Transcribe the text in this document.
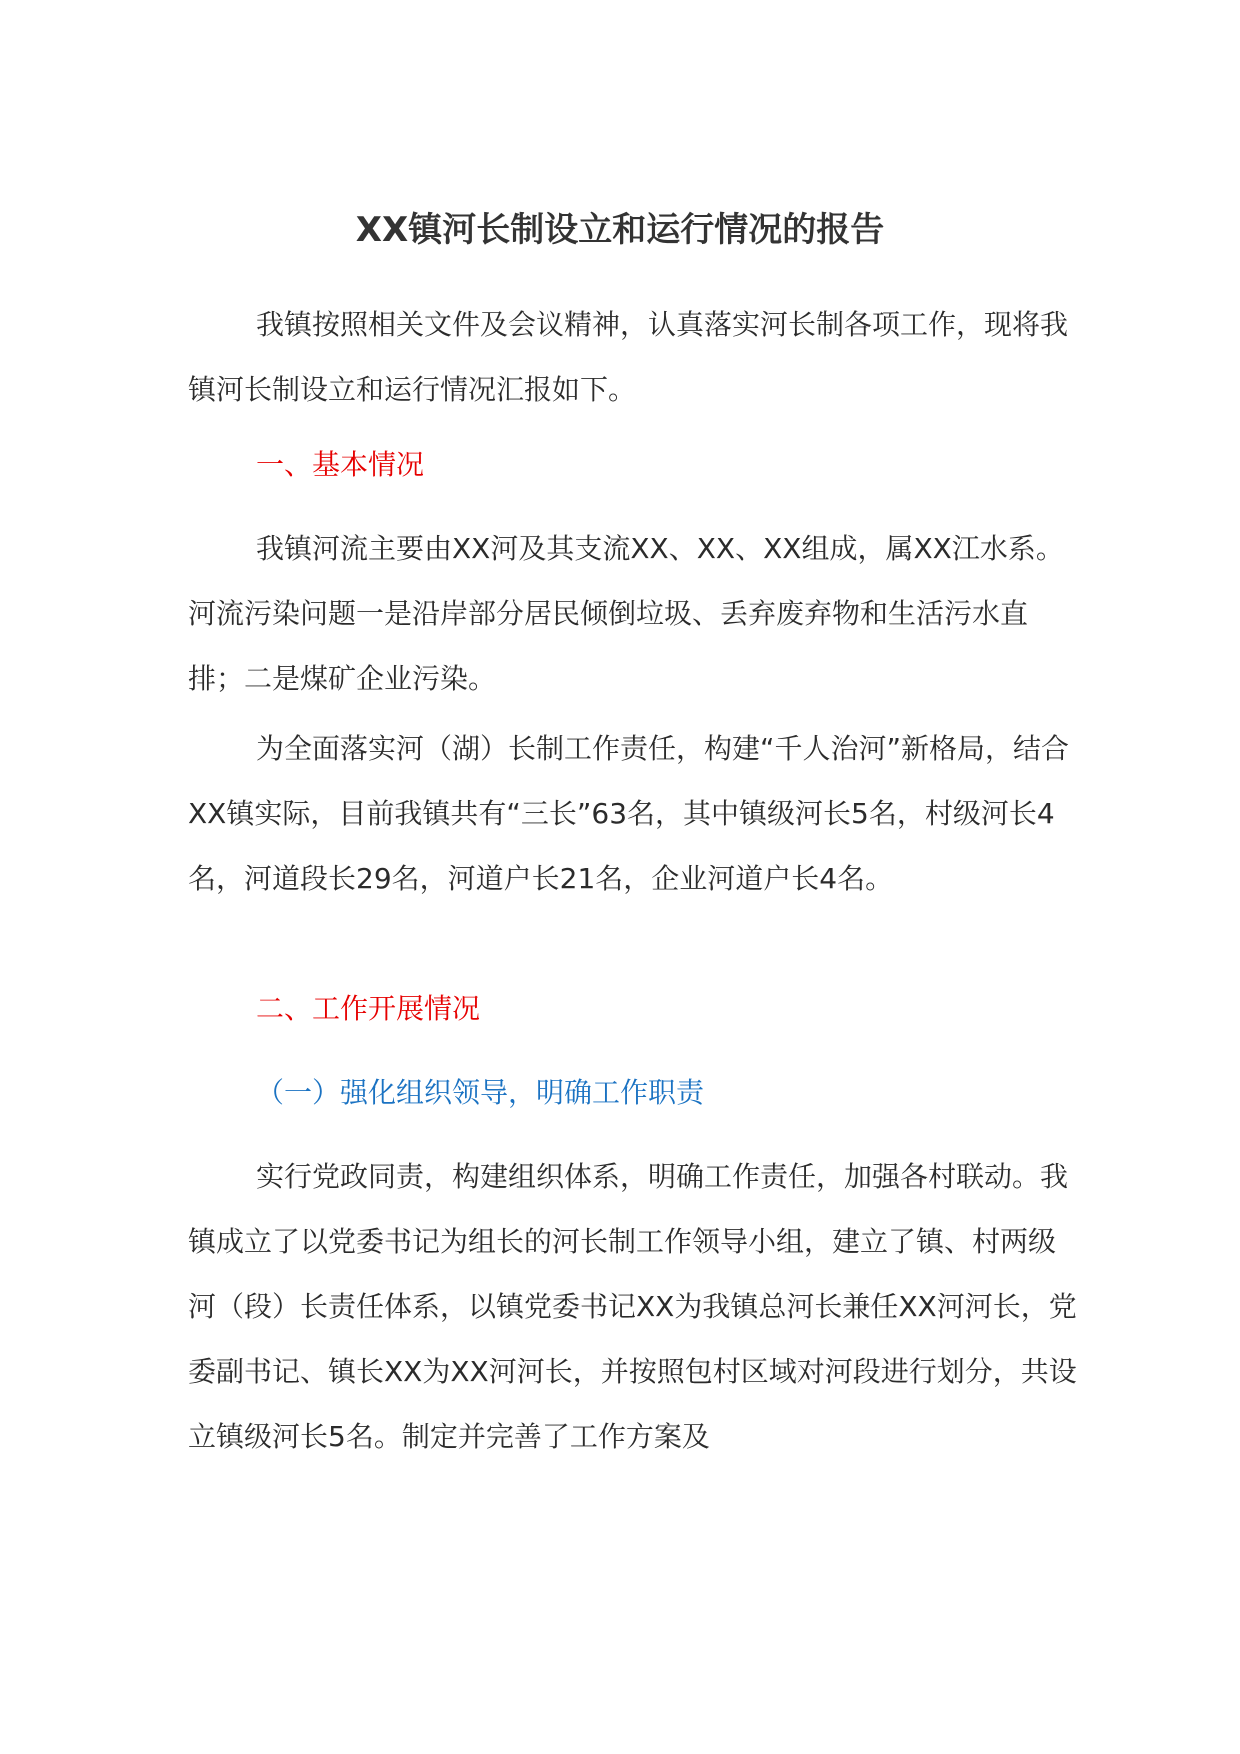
XX镇河长制设立和运行情况的报告
我镇按照相关文件及会议精神，认真落实河长制各项工作，现将我镇河长制设立和运行情况汇报如下。
一、基本情况
我镇河流主要由XX河及其支流XX、XX、XX组成，属XX江水系。河流污染问题一是沿岸部分居民倾倒垃圾、丢弃废弃物和生活污水直排；二是煤矿企业污染。
为全面落实河（湖）长制工作责任，构建“千人治河”新格局，结合XX镇实际，目前我镇共有“三长”63名，其中镇级河长5名，村级河长4名，河道段长29名，河道户长21名，企业河道户长4名。
二、工作开展情况
（一）强化组织领导，明确工作职责
实行党政同责，构建组织体系，明确工作责任，加强各村联动。我镇成立了以党委书记为组长的河长制工作领导小组，建立了镇、村两级河（段）长责任体系，以镇党委书记XX为我镇总河长兼任XX河河长，党委副书记、镇长XX为XX河河长，并按照包村区域对河段进行划分，共设立镇级河长5名。制定并完善了工作方案及
